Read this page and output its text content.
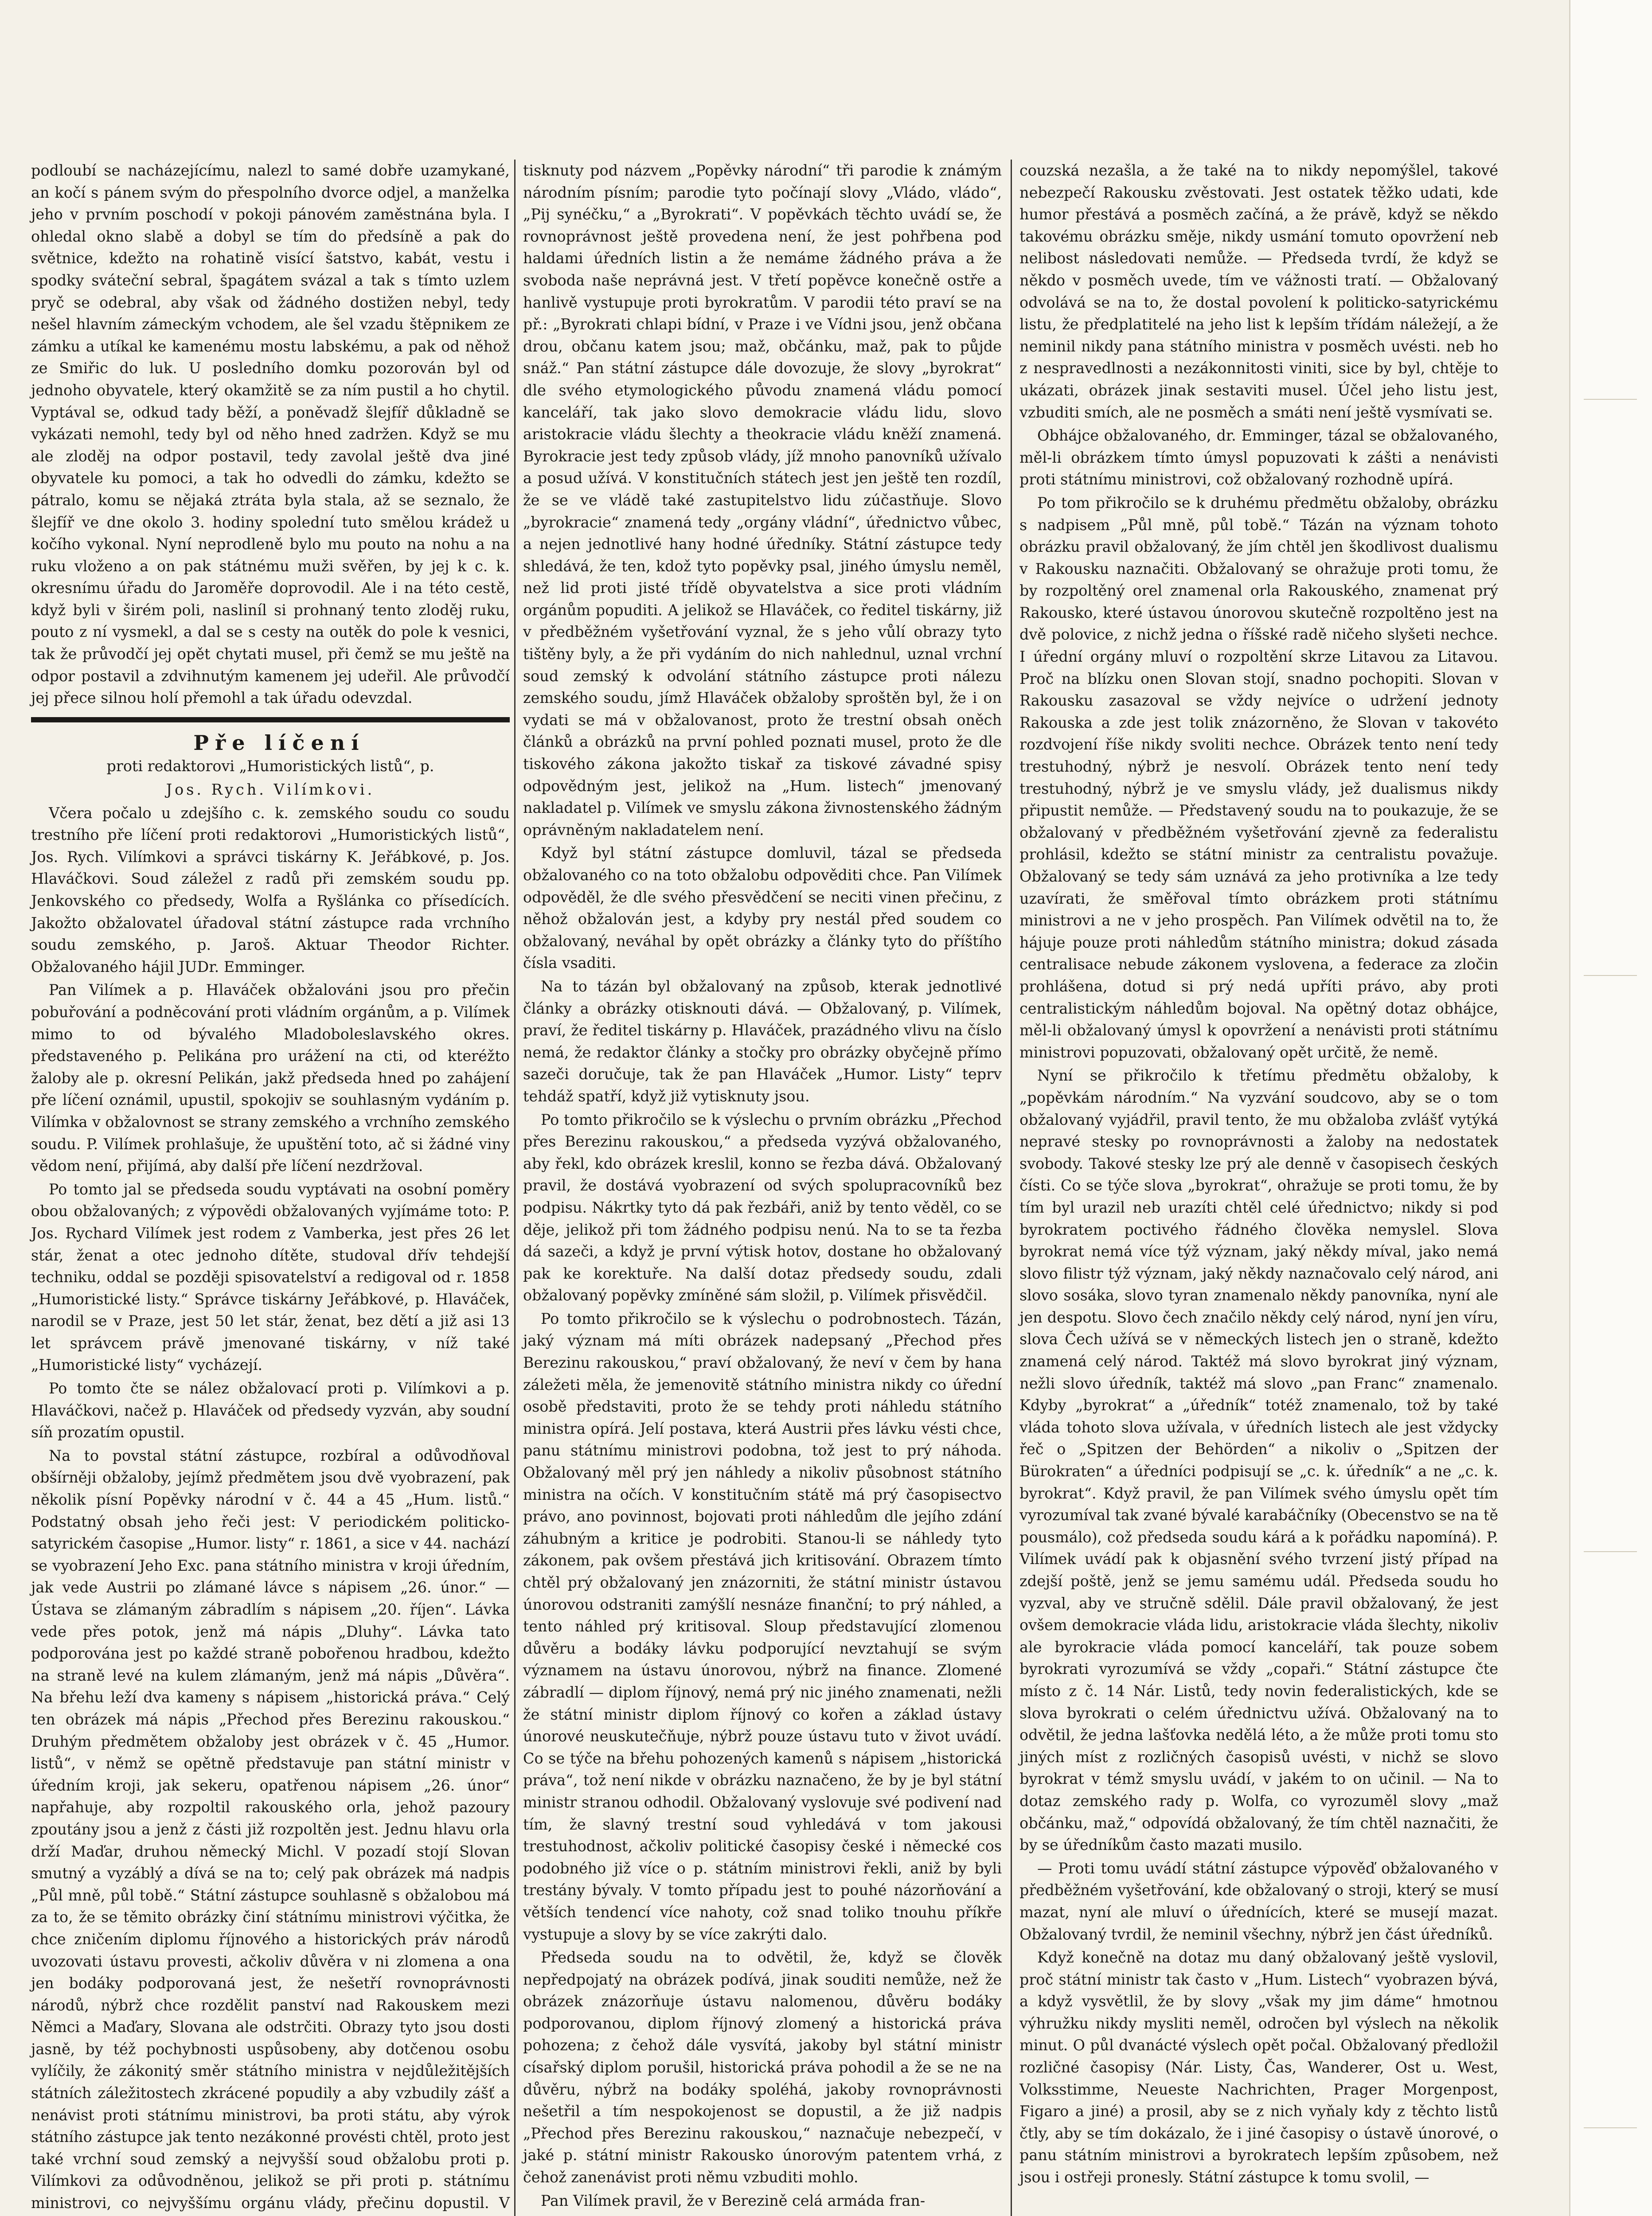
podloubí se nacházejícímu, nalezl to samé dobře uzamykané, an kočí s pánem svým do přespolního dvorce odjel, a manželka jeho v prvním poschodí v pokoji pánovém zaměstnána byla. I ohledal okno slabě a dobyl se tím do předsíně a pak do světnice, kdežto na rohatině visící šatstvo, kabát, vestu i spodky sváteční sebral, špagátem svázal a tak s tímto uzlem pryč se odebral, aby však od žádného dostižen nebyl, tedy nešel hlavním zámeckým vchodem, ale šel vzadu štěpnikem ze zámku a utíkal ke kamenému mostu labskému, a pak od něhož ze Smiřic do luk. U posledního domku pozorován byl od jednoho obyvatele, který okamžitě se za ním pustil a ho chytil. Vyptával se, odkud tady běží, a poněvadž šlejfíř důkladně se vykázati nemohl, tedy byl od něho hned zadržen. Když se mu ale zloděj na odpor postavil, tedy zavolal ještě dva jiné obyvatele ku pomoci, a tak ho odvedli do zámku, kdežto se pátralo, komu se nějaká ztráta byla stala, až se seznalo, že šlejfíř ve dne okolo 3. hodiny spolední tuto smělou krádež u kočího vykonal. Nyní neprodleně bylo mu pouto na nohu a na ruku vloženo a on pak státnému muži svěřen, by jej k c. k. okresnímu úřadu do Jaroměře doprovodil. Ale i na této cestě, když byli v širém poli, nasliníl si prohnaný tento zloděj ruku, pouto z ní vysmekl, a dal se s cesty na outěk do pole k vesnici, tak že průvodčí jej opět chytati musel, při čemž se mu ještě na odpor postavil a zdvihnutým kamenem jej udeřil. Ale průvodčí jej přece silnou holí přemohl a tak úřadu odevzdal.

Pře líčení

proti redaktorovi „Humoristických listů“, p.

Jos. Rych. Vilímkovi.

Včera počalo u zdejšího c. k. zemského soudu co soudu trestního pře líčení proti redaktorovi „Humoristických listů“, Jos. Rych. Vilímkovi a správci tiskárny K. Jeřábkové, p. Jos. Hlaváčkovi. Soud záležel z radů při zemském soudu pp. Jenkovského co předsedy, Wolfa a Ryšlánka co přísedících. Jakožto obžalovatel úřadoval státní zástupce rada vrchního soudu zemského, p. Jaroš. Aktuar Theodor Richter. Obžalovaného hájil JUDr. Emminger.

Pan Vilímek a p. Hlaváček obžalováni jsou pro přečin pobuřování a podněcování proti vládním orgánům, a p. Vilímek mimo to od bývalého Mladoboleslavského okres. představeného p. Pelikána pro urážení na cti, od kteréžto žaloby ale p. okresní Pelikán, jakž předseda hned po zahájení pře líčení oznámil, upustil, spokojiv se souhlasným vydáním p. Vilímka v obžalovnost se strany zemského a vrchního zemského soudu. P. Vilímek prohlašuje, že upuštění toto, ač si žádné viny vědom není, přijímá, aby další pře líčení nezdržoval.

Po tomto jal se předseda soudu vyptávati na osobní poměry obou obžalovaných; z výpovědi obžalovaných vyjímáme toto: P. Jos. Rychard Vilímek jest rodem z Vamberka, jest přes 26 let stár, ženat a otec jednoho dítěte, studoval dřív tehdejší techniku, oddal se později spisovatelství a redigoval od r. 1858 „Humoristické listy.“ Správce tiskárny Jeřábkové, p. Hlaváček, narodil se v Praze, jest 50 let stár, ženat, bez dětí a již asi 13 let správcem právě jmenované tiskárny, v níž také „Humoristické listy“ vycházejí.

Po tomto čte se nález obžalovací proti p. Vilímkovi a p. Hlaváčkovi, načež p. Hlaváček od předsedy vyzván, aby soudní síň prozatím opustil.

Na to povstal státní zástupce, rozbíral a odůvodňoval obšírněji obžaloby, jejímž předmětem jsou dvě vyobrazení, pak několik písní Popěvky národní v č. 44 a 45 „Hum. listů.“ Podstatný obsah jeho řeči jest: V periodickém politicko-satyrickém časopise „Humor. listy“ r. 1861, a sice v 44. nachází se vyobrazení Jeho Exc. pana státního ministra v kroji úředním, jak vede Austrii po zlámané lávce s nápisem „26. únor.“ — Ústava se zlámaným zábradlím s nápisem „20. říjen“. Lávka vede přes potok, jenž má nápis „Dluhy“. Lávka tato podporována jest po každé straně pobořenou hradbou, kdežto na straně levé na kulem zlámaným, jenž má nápis „Důvěra“. Na břehu leží dva kameny s nápisem „historická práva.“ Celý ten obrázek má nápis „Přechod přes Berezinu rakouskou.“ Druhým předmětem obžaloby jest obrázek v č. 45 „Humor. listů“, v němž se opětně představuje pan státní ministr v úředním kroji, jak sekeru, opatřenou nápisem „26. únor“ napřahuje, aby rozpoltil rakouského orla, jehož pazoury zpoutány jsou a jenž z části již rozpoltěn jest. Jednu hlavu orla drží Maďar, druhou německý Michl. V pozadí stojí Slovan smutný a vyzáblý a dívá se na to; celý pak obrázek má nadpis „Půl mně, půl tobě.“ Státní zástupce souhlasně s obžalobou má za to, že se těmito obrázky činí státnímu ministrovi výčitka, že chce zničením diplomu říjnového a historických práv národů uvozovati ústavu provesti, ačkoliv důvěra v ni zlomena a ona jen bodáky podporovaná jest, že nešetří rovnoprávnosti národů, nýbrž chce rozdělit panství nad Rakouskem mezi Němci a Maďary, Slovana ale odstrčiti. Obrazy tyto jsou dosti jasně, by též pochybnosti uspůsobeny, aby dotčenou osobu vylíčily, že zákonitý směr státního ministra v nejdůležitějších státních záležitostech zkrácené popudily a aby vzbudily zášť a nenávist proti státnímu ministrovi, ba proti státu, aby výrok státního zástupce jak tento nezákonné provésti chtěl, proto jest také vrchní soud zemský a nejvyšší soud obžalobu proti p. Vilímkovi za odůvodněnou, jelikož se při proti p. státnímu ministrovi, co nejvyššímu orgánu vlády, přečinu dopustil. V

tisknuty pod názvem „Popěvky národní“ tři parodie k známým národním písním; parodie tyto počínají slovy „Vládo, vládo“, „Pij synéčku,“ a „Byrokrati“. V popěvkách těchto uvádí se, že rovnoprávnost ještě provedena není, že jest pohřbena pod haldami úředních listin a že nemáme žádného práva a že svoboda naše neprávná jest. V třetí popěvce konečně ostře a hanlivě vystupuje proti byrokratům. V parodii této praví se na př.: „Byrokrati chlapi bídní, v Praze i ve Vídni jsou, jenž občana drou, občanu katem jsou; maž, občánku, maž, pak to půjde snáž.“ Pan státní zástupce dále dovozuje, že slovy „byrokrat“ dle svého etymologického původu znamená vládu pomocí kanceláří, tak jako slovo demokracie vládu lidu, slovo aristokracie vládu šlechty a theokracie vládu kněží znamená. Byrokracie jest tedy způsob vlády, jíž mnoho panovníků užívalo a posud užívá. V konstitučních státech jest jen ještě ten rozdíl, že se ve vládě také zastupitelstvo lidu zúčastňuje. Slovo „byrokracie“ znamená tedy „orgány vládní“, úřednictvo vůbec, a nejen jednotlivé hany hodné úředníky. Státní zástupce tedy shledává, že ten, kdož tyto popěvky psal, jiného úmyslu neměl, než lid proti jisté třídě obyvatelstva a sice proti vládním orgánům popuditi. A jelikož se Hlaváček, co ředitel tiskárny, již v předběžném vyšetřování vyznal, že s jeho vůlí obrazy tyto tištěny byly, a že při vydáním do nich nahlednul, uznal vrchní soud zemský k odvolání státního zástupce proti nálezu zemského soudu, jímž Hlaváček obžaloby sproštěn byl, že i on vydati se má v obžalovanost, proto že trestní obsah oněch článků a obrázků na první pohled poznati musel, proto že dle tiskového zákona jakožto tiskař za tiskové závadné spisy odpovědným jest, jelikož na „Hum. listech“ jmenovaný nakladatel p. Vilímek ve smyslu zákona živnostenského žádným oprávněným nakladatelem není.

Když byl státní zástupce domluvil, tázal se předseda obžalovaného co na toto obžalobu odpověditi chce. Pan Vilímek odpověděl, že dle svého přesvědčení se neciti vinen přečinu, z něhož obžalován jest, a kdyby pry nestál před soudem co obžalovaný, neváhal by opět obrázky a články tyto do příštího čísla vsaditi.

Na to tázán byl obžalovaný na způsob, kterak jednotlivé články a obrázky otisknouti dává. — Obžalovaný, p. Vilímek, praví, že ředitel tiskárny p. Hlaváček, prazádného vlivu na číslo nemá, že redaktor články a stočky pro obrázky obyčejně přímo sazeči doručuje, tak že pan Hlaváček „Humor. Listy“ teprv tehdáž spatří, když již vytisknuty jsou.

Po tomto přikročilo se k výslechu o prvním obrázku „Přechod přes Berezinu rakouskou,“ a předseda vyzývá obžalovaného, aby řekl, kdo obrázek kreslil, konno se řezba dává. Obžalovaný pravil, že dostává vyobrazení od svých spolupracovníků bez podpisu. Nákrtky tyto dá pak řezbáři, aniž by tento věděl, co se děje, jelikož při tom žádného podpisu nenú. Na to se ta řezba dá sazeči, a když je první výtisk hotov, dostane ho obžalovaný pak ke korektuře. Na další dotaz předsedy soudu, zdali obžalovaný popěvky zmíněné sám složil, p. Vilímek přisvědčil.

Po tomto přikročilo se k výslechu o podrobnostech. Tázán, jaký význam má míti obrázek nadepsaný „Přechod přes Berezinu rakouskou,“ praví obžalovaný, že neví v čem by hana záležeti měla, že jemenovitě státního ministra nikdy co úřední osobě představiti, proto že se tehdy proti náhledu státního ministra opírá. Jelí postava, která Austrii přes lávku vésti chce, panu státnímu ministrovi podobna, tož jest to prý náhoda. Obžalovaný měl prý jen náhledy a nikoliv působnost státního ministra na očích. V konstitučním státě má prý časopisectvo právo, ano povinnost, bojovati proti náhledům dle jejího zdání záhubným a kritice je podrobiti. Stanou-li se náhledy tyto zákonem, pak ovšem přestává jich kritisování. Obrazem tímto chtěl prý obžalovaný jen znázorniti, že státní ministr ústavou únorovou odstraniti zamýšlí nesnáze finanční; to prý náhled, a tento náhled prý kritisoval. Sloup představující zlomenou důvěru a bodáky lávku podporující nevztahují se svým významem na ústavu únorovou, nýbrž na finance. Zlomené zábradlí — diplom říjnový, nemá prý nic jiného znamenati, nežli že státní ministr diplom říjnový co kořen a základ ústavy únorové neuskutečňuje, nýbrž pouze ústavu tuto v život uvádí. Co se týče na břehu pohozených kamenů s nápisem „historická práva“, tož není nikde v obrázku naznačeno, že by je byl státní ministr stranou odhodil. Obžalovaný vyslovuje své podivení nad tím, že slavný trestní soud vyhledává v tom jakousi trestuhodnost, ačkoliv politické časopisy české i německé cos podobného již více o p. státním ministrovi řekli, aniž by byli trestány bývaly. V tomto případu jest to pouhé názorňování a větších tendencí více nahoty, což snad toliko tnouhu příkře vystupuje a slovy by se více zakrýti dalo.

Předseda soudu na to odvětil, že, když se člověk nepředpojatý na obrázek podívá, jinak souditi nemůže, než že obrázek znázorňuje ústavu nalomenou, důvěru bodáky podporovanou, diplom říjnový zlomený a historická práva pohozena; z čehož dále vysvítá, jakoby byl státní ministr císařský diplom porušil, historická práva pohodil a že se ne na důvěru, nýbrž na bodáky spoléhá, jakoby rovnoprávnosti nešetřil a tím nespokojenost se dopustil, a že již nadpis „Přechod přes Berezinu rakouskou,“ naznačuje nebezpečí, v jaké p. státní ministr Rakousko únorovým patentem vrhá, z čehož zanenávist proti němu vzbuditi mohlo.

Pan Vilímek pravil, že v Berezině celá armáda fran-

couzská nezašla, a že také na to nikdy nepomýšlel, takové nebezpečí Rakousku zvěstovati. Jest ostatek těžko udati, kde humor přestává a posměch začíná, a že právě, když se někdo takovému obrázku směje, nikdy usmání tomuto opovržení neb nelibost následovati nemůže. — Předseda tvrdí, že když se někdo v posměch uvede, tím ve vážnosti tratí. — Obžalovaný odvolává se na to, že dostal povolení k politicko-satyrickému listu, že předplatitelé na jeho list k lepším třídám náležejí, a že neminil nikdy pana státního ministra v posměch uvésti. neb ho z nespravedlnosti a nezákonnitosti viniti, sice by byl, chtěje to ukázati, obrázek jinak sestaviti musel. Účel jeho listu jest, vzbuditi smích, ale ne posměch a smáti není ještě vysmívati se.

Obhájce obžalovaného, dr. Emminger, tázal se obžalovaného, měl-li obrázkem tímto úmysl popuzovati k zášti a nenávisti proti státnímu ministrovi, což obžalovaný rozhodně upírá.

Po tom přikročilo se k druhému předmětu obžaloby, obrázku s nadpisem „Půl mně, půl tobě.“ Tázán na význam tohoto obrázku pravil obžalovaný, že jím chtěl jen škodlivost dualismu v Rakousku naznačiti. Obžalovaný se ohražuje proti tomu, že by rozpoltěný orel znamenal orla Rakouského, znamenat prý Rakousko, které ústavou únorovou skutečně rozpoltěno jest na dvě polovice, z nichž jedna o říšské radě ničeho slyšeti nechce. I úřední orgány mluví o rozpoltění skrze Litavou za Litavou. Proč na blízku onen Slovan stojí, snadno pochopiti. Slovan v Rakousku zasazoval se vždy nejvíce o udržení jednoty Rakouska a zde jest tolik znázorněno, že Slovan v takovéto rozdvojení říše nikdy svoliti nechce. Obrázek tento není tedy trestuhodný, nýbrž je nesvolí. Obrázek tento není tedy trestuhodný, nýbrž je ve smyslu vlády, jež dualismus nikdy připustit nemůže. — Představený soudu na to poukazuje, že se obžalovaný v předběžném vyšetřování zjevně za federalistu prohlásil, kdežto se státní ministr za centralistu považuje. Obžalovaný se tedy sám uznává za jeho protivníka a lze tedy uzavírati, že směřoval tímto obrázkem proti státnímu ministrovi a ne v jeho prospěch. Pan Vilímek odvětil na to, že hájuje pouze proti náhledům státního ministra; dokud zásada centralisace nebude zákonem vyslovena, a federace za zločin prohlášena, dotud si prý nedá upříti právo, aby proti centralistickým náhledům bojoval. Na opětný dotaz obhájce, měl-li obžalovaný úmysl k opovržení a nenávisti proti státnímu ministrovi popuzovati, obžalovaný opět určitě, že nemě.

Nyní se přikročilo k třetímu předmětu obžaloby, k „popěvkám národním.“ Na vyzvání soudcovo, aby se o tom obžalovaný vyjádřil, pravil tento, že mu obžaloba zvlášť vytýká nepravé stesky po rovnoprávnosti a žaloby na nedostatek svobody. Takové stesky lze prý ale denně v časopisech českých čísti. Co se týče slova „byrokrat“, ohražuje se proti tomu, že by tím byl urazil neb urazíti chtěl celé úřednictvo; nikdy si pod byrokratem poctivého řádného člověka nemyslel. Slova byrokrat nemá více týž význam, jaký někdy míval, jako nemá slovo filistr týž význam, jaký někdy naznačovalo celý národ, ani slovo sosáka, slovo tyran znamenalo někdy panovníka, nyní ale jen despotu. Slovo čech značilo někdy celý národ, nyní jen víru, slova Čech užívá se v německých listech jen o straně, kdežto znamená celý národ. Taktéž má slovo byrokrat jiný význam, nežli slovo úředník, taktéž má slovo „pan Franc“ znamenalo. Kdyby „byrokrat“ a „úředník“ totéž znamenalo, tož by také vláda tohoto slova užívala, v úředních listech ale jest vždycky řeč o „Spitzen der Behörden“ a nikoliv o „Spitzen der Bürokraten“ a úředníci podpisují se „c. k. úředník“ a ne „c. k. byrokrat“. Když pravil, že pan Vilímek svého úmyslu opět tím vyrozumíval tak zvané bývalé karabáčníky (Obecenstvo se na tě pousmálo), což předseda soudu kárá a k pořádku napomíná). P. Vilímek uvádí pak k objasnění svého tvrzení jistý případ na zdejší poště, jenž se jemu samému udál. Předseda soudu ho vyzval, aby ve stručně sdělil. Dále pravil obžalovaný, že jest ovšem demokracie vláda lidu, aristokracie vláda šlechty, nikoliv ale byrokracie vláda pomocí kanceláří, tak pouze sobem byrokrati vyrozumívá se vždy „copaři.“ Státní zástupce čte místo z č. 14 Nár. Listů, tedy novin federalistických, kde se slova byrokrati o celém úřednictvu užívá. Obžalovaný na to odvětil, že jedna lašťovka nedělá léto, a že může proti tomu sto jiných míst z rozličných časopisů uvésti, v nichž se slovo byrokrat v témž smyslu uvádí, v jakém to on učinil. — Na to dotaz zemského rady p. Wolfa, co vyrozuměl slovy „maž občánku, maž,“ odpovídá obžalovaný, že tím chtěl naznačiti, že by se úředníkům často mazati musilo.

— Proti tomu uvádí státní zástupce výpověď obžalovaného v předběžném vyšetřování, kde obžalovaný o stroji, který se musí mazat, nyní ale mluví o úřednících, které se musejí mazat. Obžalovaný tvrdil, že neminil všechny, nýbrž jen část úředníků.

Když konečně na dotaz mu daný obžalovaný ještě vyslovil, proč státní ministr tak často v „Hum. Listech“ vyobrazen bývá, a když vysvětlil, že by slovy „však my jim dáme“ hmotnou výhružku nikdy mysliti neměl, odročen byl výslech na několik minut. O půl dvanácté výslech opět počal. Obžalovaný předložil rozličné časopisy (Nár. Listy, Čas, Wanderer, Ost u. West, Volksstimme, Neueste Nachrichten, Prager Morgenpost, Figaro a jiné) a prosil, aby se z nich vyňaly kdy z těchto listů čtly, aby se tím dokázalo, že i jiné časopisy o ústavě únorové, o panu státním ministrovi a byrokratech lepším způsobem, než jsou i ostřeji pronesly. Státní zástupce k tomu svolil, —
